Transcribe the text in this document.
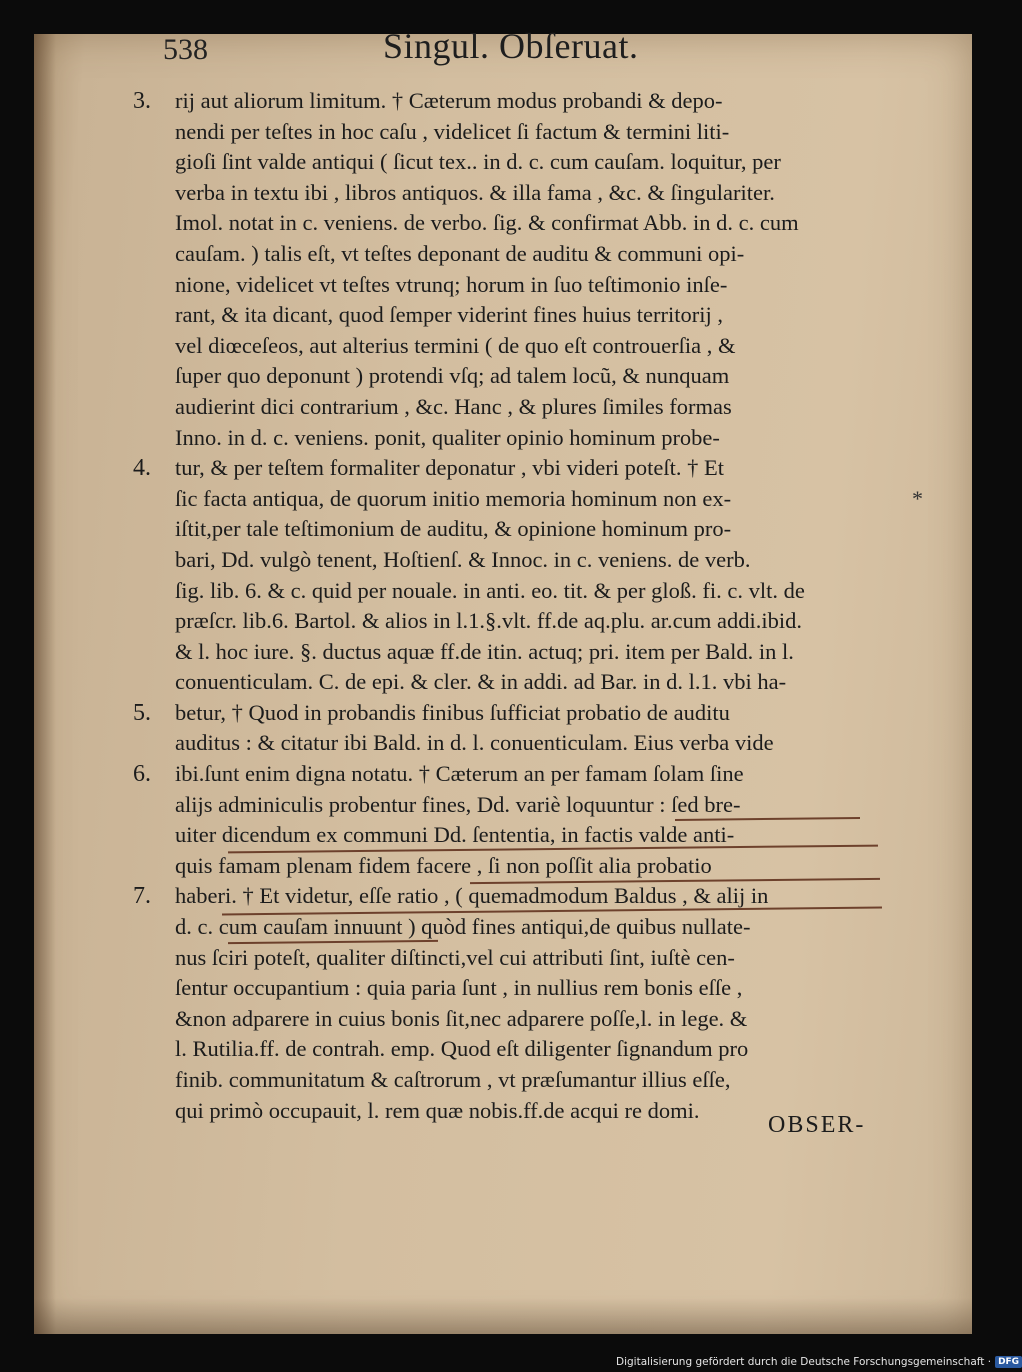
538	Singul. Obſeruat.
3. rij aut aliorum limitum. † Cæterum modus probandi & depo-
nendi per teſtes in hoc caſu , videlicet ſi factum & termini liti-
gioſi ſint valde antiqui ( ſicut tex.. in d. c. cum cauſam. loquitur, per
verba in textu ibi , libros antiquos. & illa fama , &c. & ſingulariter.
Imol. notat in c. veniens. de verbo. ſig. & confirmat Abb. in d. c. cum
cauſam. ) talis eſt, vt teſtes deponant de auditu & communi opi-
nione, videlicet vt teſtes vtrunq; horum in ſuo teſtimonio inſe-
rant, & ita dicant, quod ſemper viderint fines huius territorij ,
vel diœceſeos, aut alterius termini ( de quo eſt controuerſia , &
ſuper quo deponunt ) protendi vſq; ad talem locũ, & nunquam
audierint dici contrarium , &c. Hanc , & plures ſimiles formas
Inno. in d. c. veniens. ponit, qualiter opinio hominum probe-
4. tur, & per teſtem formaliter deponatur , vbi videri poteſt. † Et
ſic facta antiqua, de quorum initio memoria hominum non ex-	*
iſtit,per tale teſtimonium de auditu, & opinione hominum pro-
bari, Dd. vulgò tenent, Hoſtienſ. & Innoc. in c. veniens. de verb.
ſig. lib. 6. & c. quid per nouale. in anti. eo. tit. & per gloß. fi. c. vlt. de
præſcr. lib.6. Bartol. & alios in l.1.§.vlt. ff.de aq.plu. ar.cum addi.ibid.
& l. hoc iure. §. ductus aquæ ff.de itin. actuq; pri. item per Bald. in l.
conuenticulam. C. de epi. & cler. & in addi. ad Bar. in d. l.1. vbi ha-
5. betur, † Quod in probandis finibus ſufficiat probatio de auditu
auditus : & citatur ibi Bald. in d. l. conuenticulam. Eius verba vide
6. ibi.ſunt enim digna notatu. † Cæterum an per famam ſolam ſine
alijs adminiculis probentur fines, Dd. variè loquuntur : ſed bre-
uiter dicendum ex communi Dd. ſententia, in factis valde anti-
quis famam plenam fidem facere , ſi non poſſit alia probatio
7. haberi. † Et videtur, eſſe ratio , ( quemadmodum Baldus , & alij in
d. c. cum cauſam innuunt ) quòd fines antiqui,de quibus nullate-
nus ſciri poteſt, qualiter diſtincti,vel cui attributi ſint, iuſtè cen-
ſentur occupantium : quia paria ſunt , in nullius rem bonis eſſe ,
&non adparere in cuius bonis ſit,nec adparere poſſe,l. in lege. &
l. Rutilia.ff. de contrah. emp. Quod eſt diligenter ſignandum pro
finib. communitatum & caſtrorum , vt præſumantur illius eſſe,
qui primò occupauit, l. rem quæ nobis.ff.de acqui re domi.
OBSER-
Digitalisierung gefördert durch die Deutsche Forschungsgemeinschaft · DFG
